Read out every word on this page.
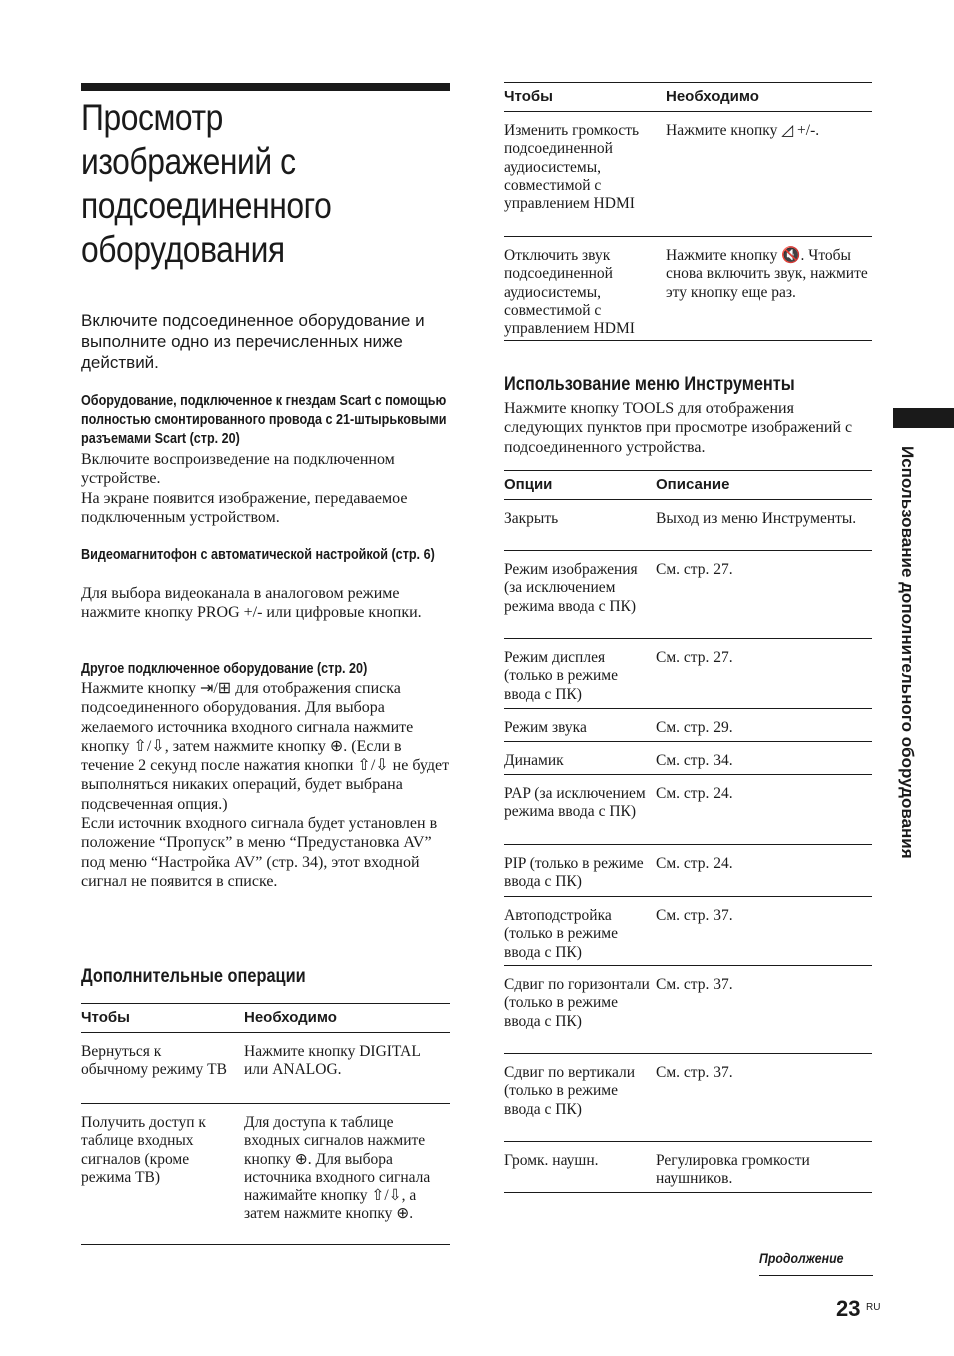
Просмотр
изображений с
подсоединенного
оборудования
Включите подсоединенное оборудование и выполните одно из перечисленных ниже действий.
Оборудование, подключенное к гнездам Scart с помощью полностью смонтированного провода с 21-штырьковыми разъемами Scart (стр. 20)
Включите воспроизведение на подключенном устройстве.
На экране появится изображение, передаваемое подключенным устройством.
Видеомагнитофон с автоматической настройкой (стр. 6)
Для выбора видеоканала в аналоговом режиме нажмите кнопку PROG +/- или цифровые кнопки.
Другое подключенное оборудование (стр. 20)
Нажмите кнопку ⇥/⊞ для отображения списка подсоединенного оборудования. Для выбора желаемого источника входного сигнала нажмите кнопку ⇧/⇩, затем нажмите кнопку ⊕. (Если в течение 2 секунд после нажатия кнопки ⇧/⇩ не будет выполняться никаких операций, будет выбрана подсвеченная опция.)
Если источник входного сигнала будет установлен в положение “Пропуск” в меню “Предустановка AV” под меню “Настройка AV” (стр. 34), этот входной сигнал не появится в списке.
Дополнительные операции
Чтобы	Необходимо
Вернуться к обычному режиму ТВ
Нажмите кнопку DIGITAL или ANALOG.
Получить доступ к таблице входных сигналов (кроме режима ТВ)
Для доступа к таблице входных сигналов нажмите кнопку ⊕. Для выбора источника входного сигнала нажимайте кнопку ⇧/⇩, а затем нажмите кнопку ⊕.
Чтобы	Необходимо
Изменить громкость подсоединенной аудиосистемы, совместимой с управлением HDMI
Нажмите кнопку ◿ +/-.
Отключить звук подсоединенной аудиосистемы, совместимой с управлением HDMI
Нажмите кнопку 🔇. Чтобы снова включить звук, нажмите эту кнопку еще раз.
Использование меню Инструменты
Нажмите кнопку TOOLS для отображения следующих пунктов при просмотре изображений с подсоединенного устройства.
Опции	Описание
Закрыть	Выход из меню Инструменты.
Режим изображения (за исключением режима ввода с ПК)
См. стр. 27.
Режим дисплея (только в режиме ввода с ПК)
См. стр. 27.
Режим звука	См. стр. 29.
Динамик	См. стр. 34.
PAP (за исключением режима ввода с ПК)
См. стр. 24.
PIP (только в режиме ввода с ПК)
См. стр. 24.
Автоподстройка (только в режиме ввода с ПК)
См. стр. 37.
Сдвиг по горизонтали (только в режиме ввода с ПК)
См. стр. 37.
Сдвиг по вертикали (только в режиме ввода с ПК)
См. стр. 37.
Громк. наушн.	Регулировка громкости наушников.
Использование дополнительного оборудования
Продолжение
23 RU
